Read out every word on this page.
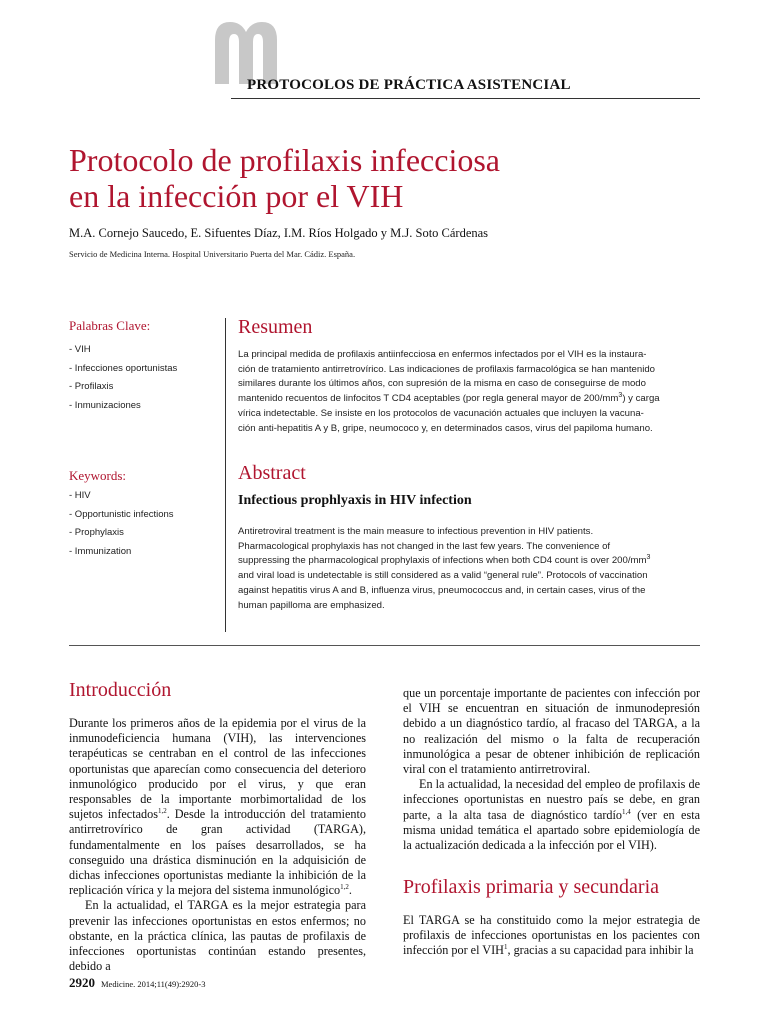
PROTOCOLOS DE PRÁCTICA ASISTENCIAL
Protocolo de profilaxis infecciosa
en la infección por el VIH
M.A. Cornejo Saucedo, E. Sifuentes Díaz, I.M. Ríos Holgado y M.J. Soto Cárdenas
Servicio de Medicina Interna. Hospital Universitario Puerta del Mar. Cádiz. España.
Palabras Clave:
- VIH
- Infecciones oportunistas
- Profilaxis
- Inmunizaciones
Keywords:
- HIV
- Opportunistic infections
- Prophylaxis
- Immunization
Resumen
La principal medida de profilaxis antiinfecciosa en enfermos infectados por el VIH es la instaura-
ción de tratamiento antirretrovírico. Las indicaciones de profilaxis farmacológica se han mantenido
similares durante los últimos años, con supresión de la misma en caso de conseguirse de modo
mantenido recuentos de linfocitos T CD4 aceptables (por regla general mayor de $200/mm^3$) y carga
vírica indetectable. Se insiste en los protocolos de vacunación actuales que incluyen la vacuna-
ción anti-hepatitis A y B, gripe, neumococo y, en determinados casos, virus del papiloma humano.
Abstract
Infectious prophlyaxis in HIV infection
Antiretroviral treatment is the main measure to infectious prevention in HIV patients.
Pharmacological prophylaxis has not changed in the last few years. The convenience of
suppressing the pharmacological prophylaxis of infections when both CD4 count is over $200/mm^3$
and viral load is undetectable is still considered as a valid “general rule”. Protocols of vaccination
against hepatitis virus A and B, influenza virus, pneumococcus and, in certain cases, virus of the
human papilloma are emphasized.
Introducción

Durante los primeros años de la epidemia por el virus de la inmunodeficiencia humana (VIH), las intervenciones terapéuticas se centraban en el control de las infecciones oportunistas que aparecían como consecuencia del deterioro inmunológico producido por el virus, y que eran responsables de la importante morbimortalidad de los sujetos infectados$^{1,2}$. Desde la introducción del tratamiento antirretrovírico de gran actividad (TARGA), fundamentalmente en los países desarrollados, se ha conseguido una drástica disminución en la adquisición de dichas infecciones oportunistas mediante la inhibición de la replicación vírica y la mejora del sistema inmunológico$^{1,2}$.

En la actualidad, el TARGA es la mejor estrategia para prevenir las infecciones oportunistas en estos enfermos; no obstante, en la práctica clínica, las pautas de profilaxis de infecciones oportunistas continúan estando presentes, debido a

que un porcentaje importante de pacientes con infección por el VIH se encuentran en situación de inmunodepresión debido a un diagnóstico tardío, al fracaso del TARGA, a la no realización del mismo o la falta de recuperación inmunológica a pesar de obtener inhibición de replicación viral con el tratamiento antirretroviral.

En la actualidad, la necesidad del empleo de profilaxis de infecciones oportunistas en nuestro país se debe, en gran parte, a la alta tasa de diagnóstico tardío$^{1,4}$ (ver en esta misma unidad temática el apartado sobre epidemiología de la actualización dedicada a la infección por el VIH).

Profilaxis primaria y secundaria

El TARGA se ha constituido como la mejor estrategia de profilaxis de infecciones oportunistas en los pacientes con infección por el VIH$^1$, gracias a su capacidad para inhibir la

2920 Medicine. 2014;11(49):2920-3
